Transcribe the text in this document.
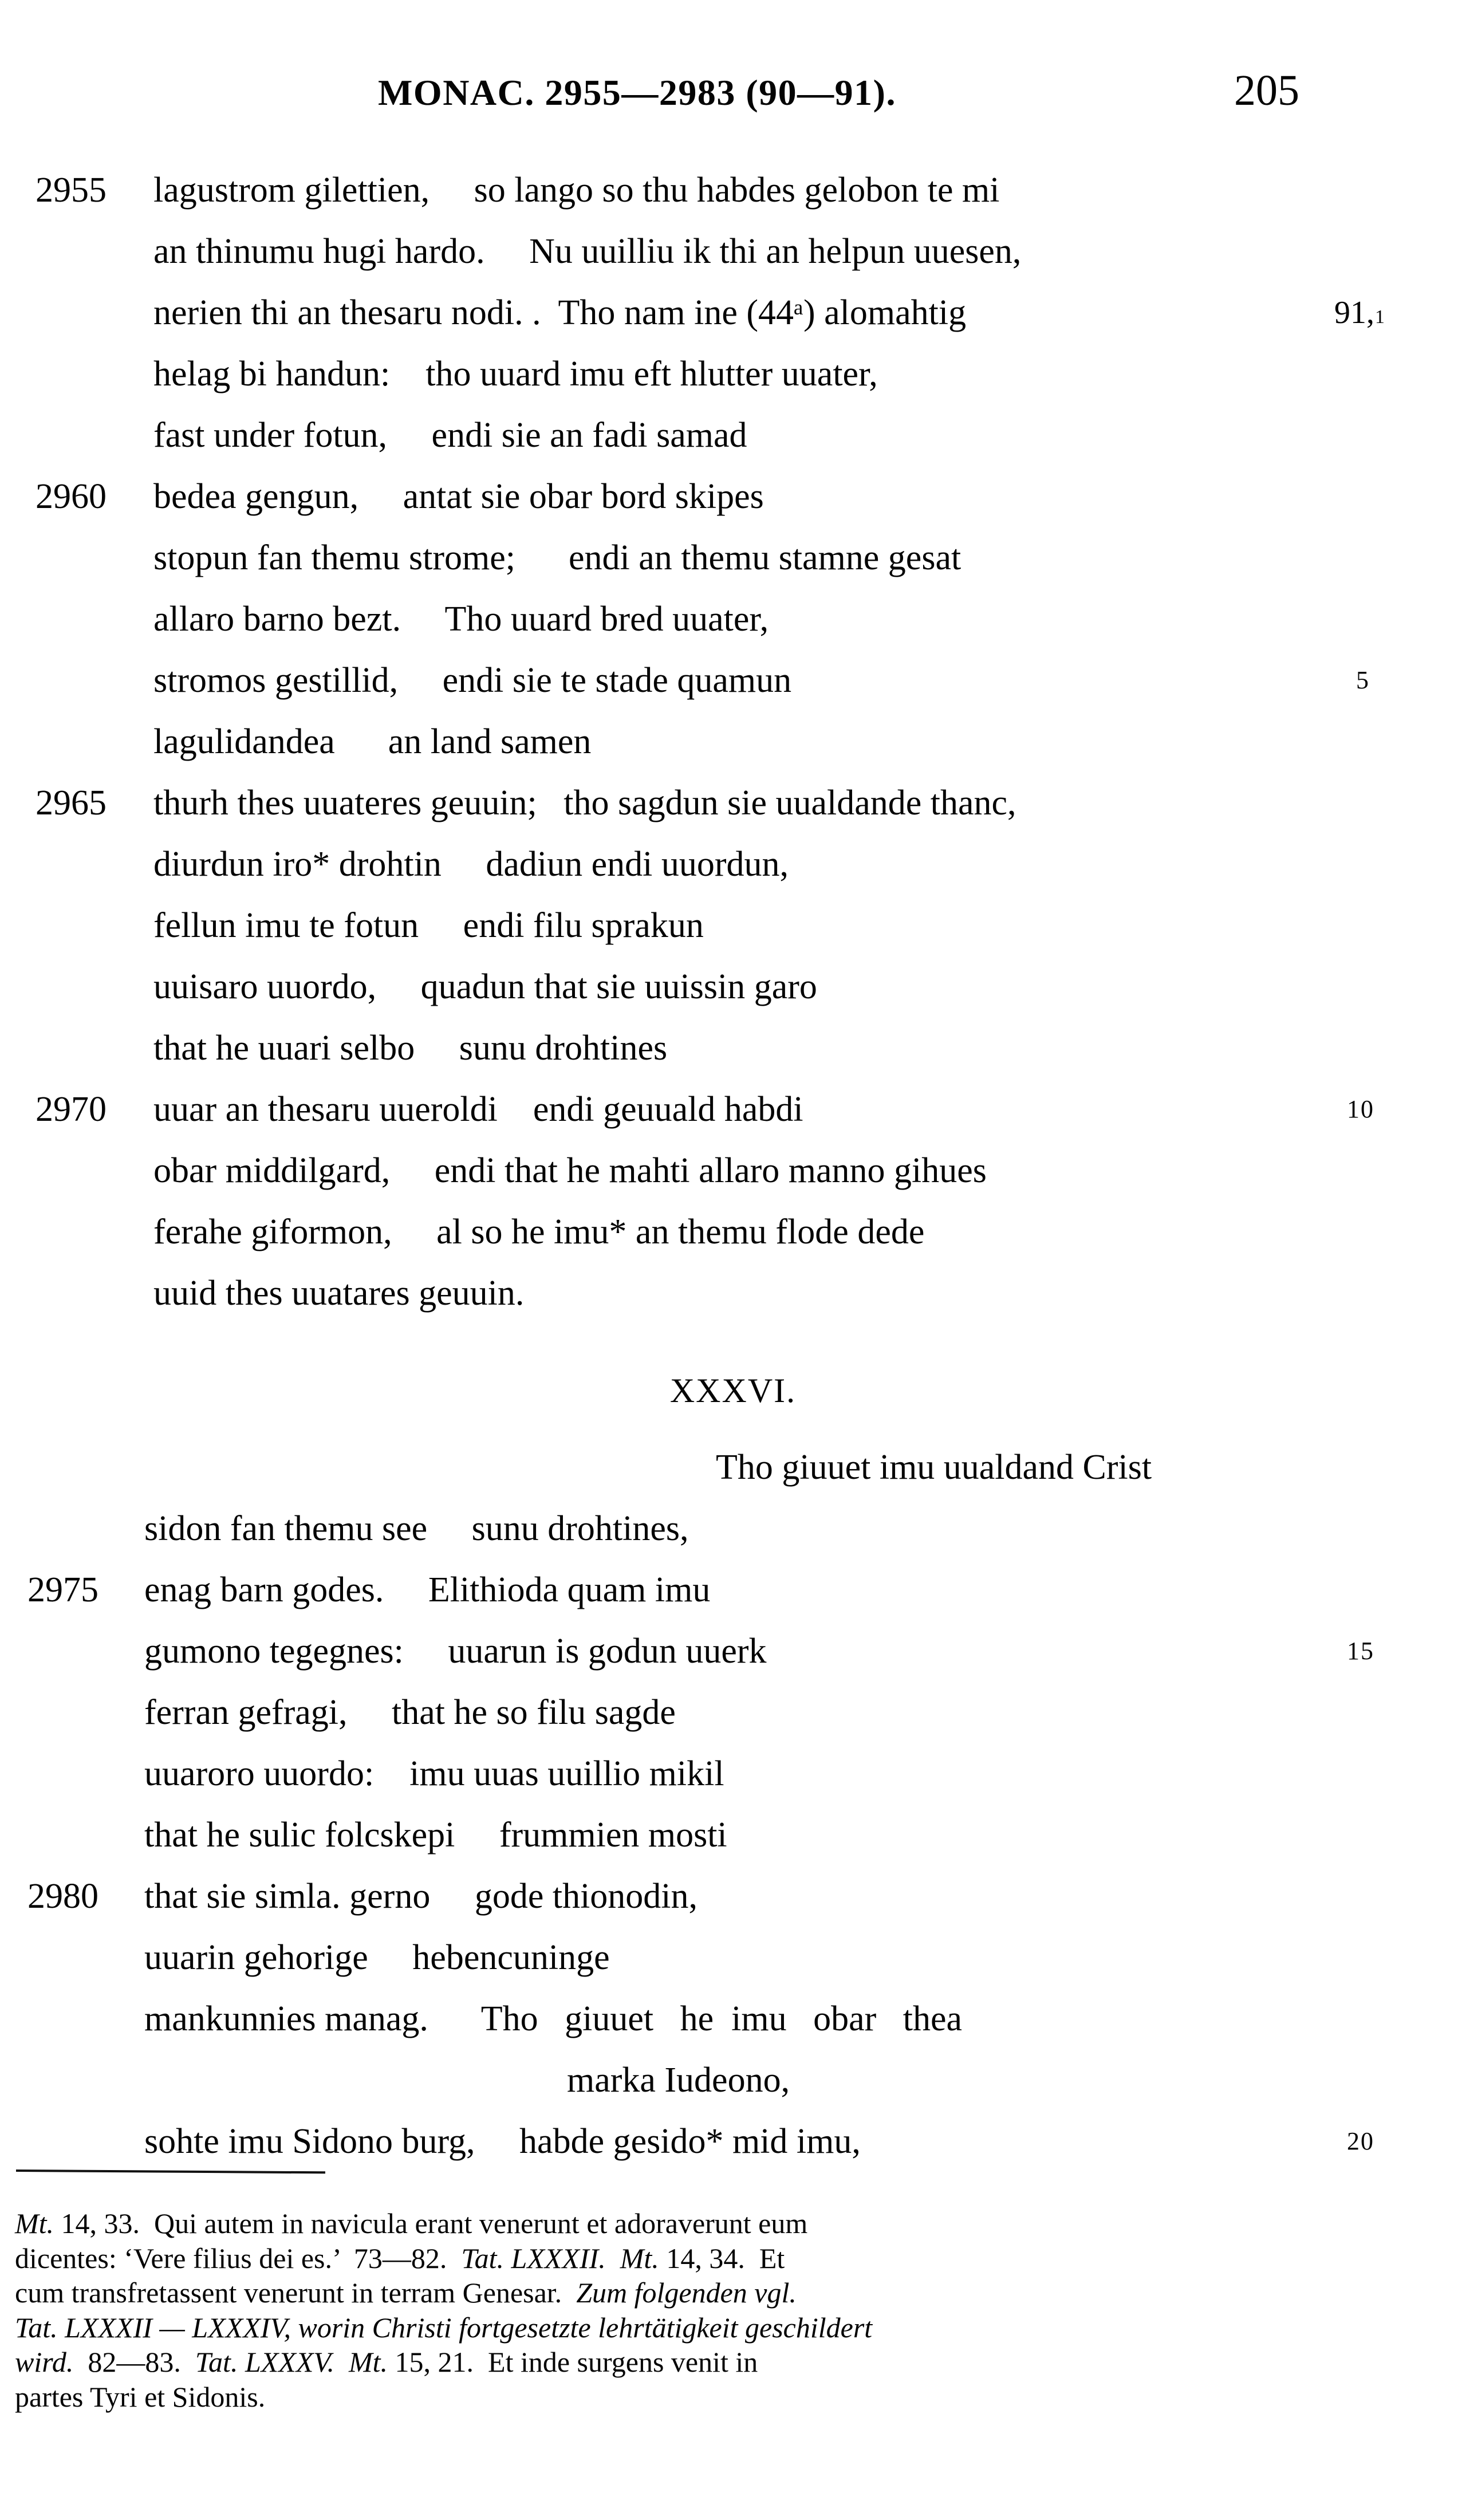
MONAC. 2955—2983 (90—91).	205
2955	lagustrom gilettien,     so lango so thu habdes gelobon te mi
an thinumu hugi hardo.     Nu uuilliu ik thi an helpun uuesen,
nerien thi an thesaru nodi. .  Tho nam ine (44ᵃ) alomahtig	91,1
helag bi handun:    tho uuard imu eft hlutter uuater,
fast under fotun,     endi sie an fadi samad
2960	bedea gengun,     antat sie obar bord skipes
stopun fan themu strome;      endi an themu stamne gesat
allaro barno bezt.     Tho uuard bred uuater,
stromos gestillid,     endi sie te stade quamun	5
lagulidandea      an land samen
2965	thurh thes uuateres geuuin;   tho sagdun sie uualdande thanc,
diurdun iro* drohtin     dadiun endi uuordun,
fellun imu te fotun     endi filu sprakun
uuisaro uuordo,     quadun that sie uuissin garo
that he uuari selbo     sunu drohtines
2970	uuar an thesaru uueroldi    endi geuuald habdi	10
obar middilgard,     endi that he mahti allaro manno gihues
ferahe giformon,     al so he imu* an themu flode dede
uuid thes uuatares geuuin.
XXXVI.
Tho giuuet imu uualdand Crist
sidon fan themu see     sunu drohtines,
2975	enag barn godes.     Elithioda quam imu
gumono tegegnes:     uuarun is godun uuerk	15
ferran gefragi,     that he so filu sagde
uuaroro uuordo:    imu uuas uuillio mikil
that he sulic folcskepi     frummien mosti
2980	that sie simla. gerno     gode thionodin,
uuarin gehorige     hebencuninge
mankunnies manag.      Tho   giuuet   he  imu   obar   thea
marka Iudeono,
sohte imu Sidono burg,     habde gesido* mid imu,	20
Mt. 14, 33.  Qui autem in navicula erant venerunt et adoraverunt eum
dicentes: ‘Vere filius dei es.’  73—82.  Tat. LXXXII. Mt. 14, 34.  Et
cum transfretassent venerunt in terram Genesar.  Zum folgenden vgl.
Tat. LXXXII — LXXXIV, worin Christi fortgesetzte lehrtätigkeit geschildert
wird.  82—83.  Tat. LXXXV. Mt. 15, 21.  Et inde surgens venit in
partes Tyri et Sidonis.
